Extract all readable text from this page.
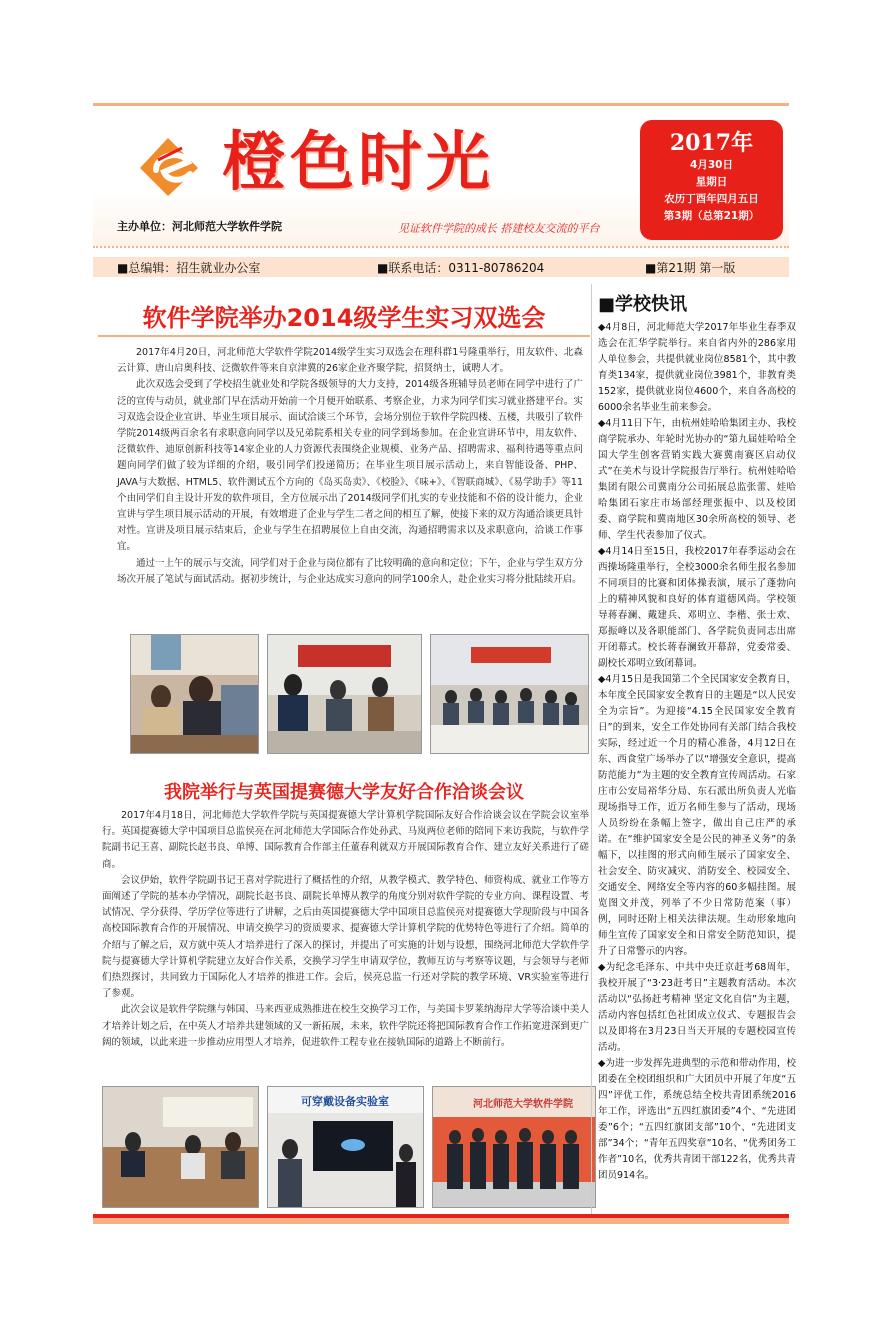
橙色时光
主办单位：河北师范大学软件学院	见证软件学院的成长 搭建校友交流的平台
2017年
4月30日
星期日
农历丁酉年四月五日
第3期（总第21期）
■总编辑：招生就业办公室	■联系电话：0311-80786204	■第21期 第一版
软件学院举办2014级学生实习双选会

2017年4月20日，河北师范大学软件学院2014级学生实习双选会在理科群1号隆重举行，用友软件、北森云计算、唐山启奥科技、泛微软件等来自京津冀的26家企业齐聚学院，招贤纳士，诚聘人才。

此次双选会受到了学校招生就业处和学院各级领导的大力支持，2014级各班辅导员老师在同学中进行了广泛的宣传与动员，就业部门早在活动开始前一个月便开始联系、考察企业，力求为同学们实习就业搭建平台。实习双选会设企业宣讲、毕业生项目展示、面试洽谈三个环节，会场分别位于软件学院四楼、五楼，共吸引了软件学院2014级两百余名有求职意向同学以及兄弟院系相关专业的同学到场参加。在企业宣讲环节中，用友软件、泛微软件、迪原创新科技等14家企业的人力资源代表围绕企业规模、业务产品、招聘需求、福利待遇等重点问题向同学们做了较为详细的介绍，吸引同学们投递简历；在毕业生项目展示活动上，来自智能设备、PHP、JAVA与大数据、HTML5、软件测试五个方向的《岛买岛卖》、《校脸》、《味+》、《智联商城》、《易学助手》等11个由同学们自主设计开发的软件项目，全方位展示出了2014级同学们扎实的专业技能和不俗的设计能力，企业宣讲与学生项目展示活动的开展，有效增进了企业与学生二者之间的相互了解，使接下来的双方沟通洽谈更具针对性。宣讲及项目展示结束后，企业与学生在招聘展位上自由交流，沟通招聘需求以及求职意向，洽谈工作事宜。

通过一上午的展示与交流，同学们对于企业与岗位都有了比较明确的意向和定位；下午，企业与学生双方分场次开展了笔试与面试活动。据初步统计，与企业达成实习意向的同学100余人，赴企业实习将分批陆续开启。

我院举行与英国提赛德大学友好合作洽谈会议

2017年4月18日，河北师范大学软件学院与英国提赛德大学计算机学院国际友好合作洽谈会议在学院会议室举行。英国提赛德大学中国项目总监侯亮在河北师范大学国际合作处孙武、马岚两位老师的陪同下来访我院，与软件学院副书记王喜、副院长赵书良、单博、国际教育合作部主任董春利就双方开展国际教育合作、建立友好关系进行了磋商。

会议伊始，软件学院副书记王喜对学院进行了概括性的介绍，从教学模式、教学特色、师资构成、就业工作等方面阐述了学院的基本办学情况，副院长赵书良、副院长单博从教学的角度分别对软件学院的专业方向、课程设置、考试情况、学分获得、学历学位等进行了讲解，之后由英国提赛德大学中国项目总监侯亮对提赛德大学现阶段与中国各高校国际教育合作的开展情况、申请交换学习的资质要求、提赛德大学计算机学院的优势特色等进行了介绍。简单的介绍与了解之后，双方就中英人才培养进行了深入的探讨，并提出了可实施的计划与设想，围绕河北师范大学软件学院与提赛德大学计算机学院建立友好合作关系，交换学习学生申请双学位，教师互访与考察等议题，与会领导与老师们热烈探讨，共同致力于国际化人才培养的推进工作。会后，侯亮总监一行还对学院的教学环境、VR实验室等进行了参观。

此次会议是软件学院继与韩国、马来西亚成熟推进在校生交换学习工作，与美国卡罗莱纳海岸大学等洽谈中美人才培养计划之后，在中英人才培养共建领域的又一新拓展，未来，软件学院还将把国际教育合作工作拓宽进深到更广阔的领域，以此来进一步推动应用型人才培养，促进软件工程专业在接轨国际的道路上不断前行。

可穿戴设备实验室	河北师范大学软件学院
■学校快讯

◆4月8日，河北师范大学2017年毕业生春季双选会在汇华学院举行。来自省内外的286家用人单位参会，共提供就业岗位8581个，其中教育类134家，提供就业岗位3981个，非教育类152家，提供就业岗位4600个，来自各高校的6000余名毕业生前来参会。

◆4月11日下午，由杭州娃哈哈集团主办、我校商学院承办、年轮时光协办的“第九届娃哈哈全国大学生创客营销实践大赛冀南赛区启动仪式”在美术与设计学院报告厅举行。杭州娃哈哈集团有限公司冀南分公司拓展总监张蕾、娃哈哈集团石家庄市场部经理张振中、以及校团委、商学院和冀南地区30余所高校的领导、老师、学生代表参加了仪式。

◆4月14日至15日，我校2017年春季运动会在西操场隆重举行，全校3000余名师生报名参加不同项目的比赛和团体操表演，展示了蓬勃向上的精神风貌和良好的体育道德风尚。学校领导蒋春澜、戴建兵、邓明立、李楷、张士欢、郑振峰以及各职能部门、各学院负责同志出席开闭幕式。校长蒋春澜致开幕辞，党委常委、副校长邓明立致闭幕词。

◆4月15日是我国第二个全民国家安全教育日，本年度全民国家安全教育日的主题是“以人民安全为宗旨”。为迎接“4.15全民国家安全教育日”的到来，安全工作处协同有关部门结合我校实际，经过近一个月的精心准备，4月12日在东、西食堂广场举办了以“增强安全意识，提高防范能力”为主题的安全教育宣传周活动。石家庄市公安局裕华分局、东石派出所负责人光临现场指导工作，近万名师生参与了活动，现场人员纷纷在条幅上签字，做出自己庄严的承诺。在“维护国家安全是公民的神圣义务”的条幅下，以挂图的形式向师生展示了国家安全、社会安全、防灾减灾、消防安全、校园安全、交通安全、网络安全等内容的60多幅挂图。展览图文并茂，列举了不少日常防范案（事）例，同时还附上相关法律法规。生动形象地向师生宣传了国家安全和日常安全防范知识，提升了日常警示的内容。

◆为纪念毛泽东、中共中央迁京赶考68周年，我校开展了“3·23赶考日”主题教育活动。本次活动以“弘扬赶考精神 坚定文化自信”为主题，活动内容包括红色社团成立仪式、专题报告会以及即将在3月23日当天开展的专题校园宣传活动。

◆为进一步发挥先进典型的示范和带动作用，校团委在全校团组织和广大团员中开展了年度“五四”评优工作，系统总结全校共青团系统2016年工作，评选出“五四红旗团委”4个、“先进团委”6个；“五四红旗团支部”10个、“先进团支部”34个；“青年五四奖章”10名、“优秀团务工作者”10名，优秀共青团干部122名，优秀共青团员914名。
